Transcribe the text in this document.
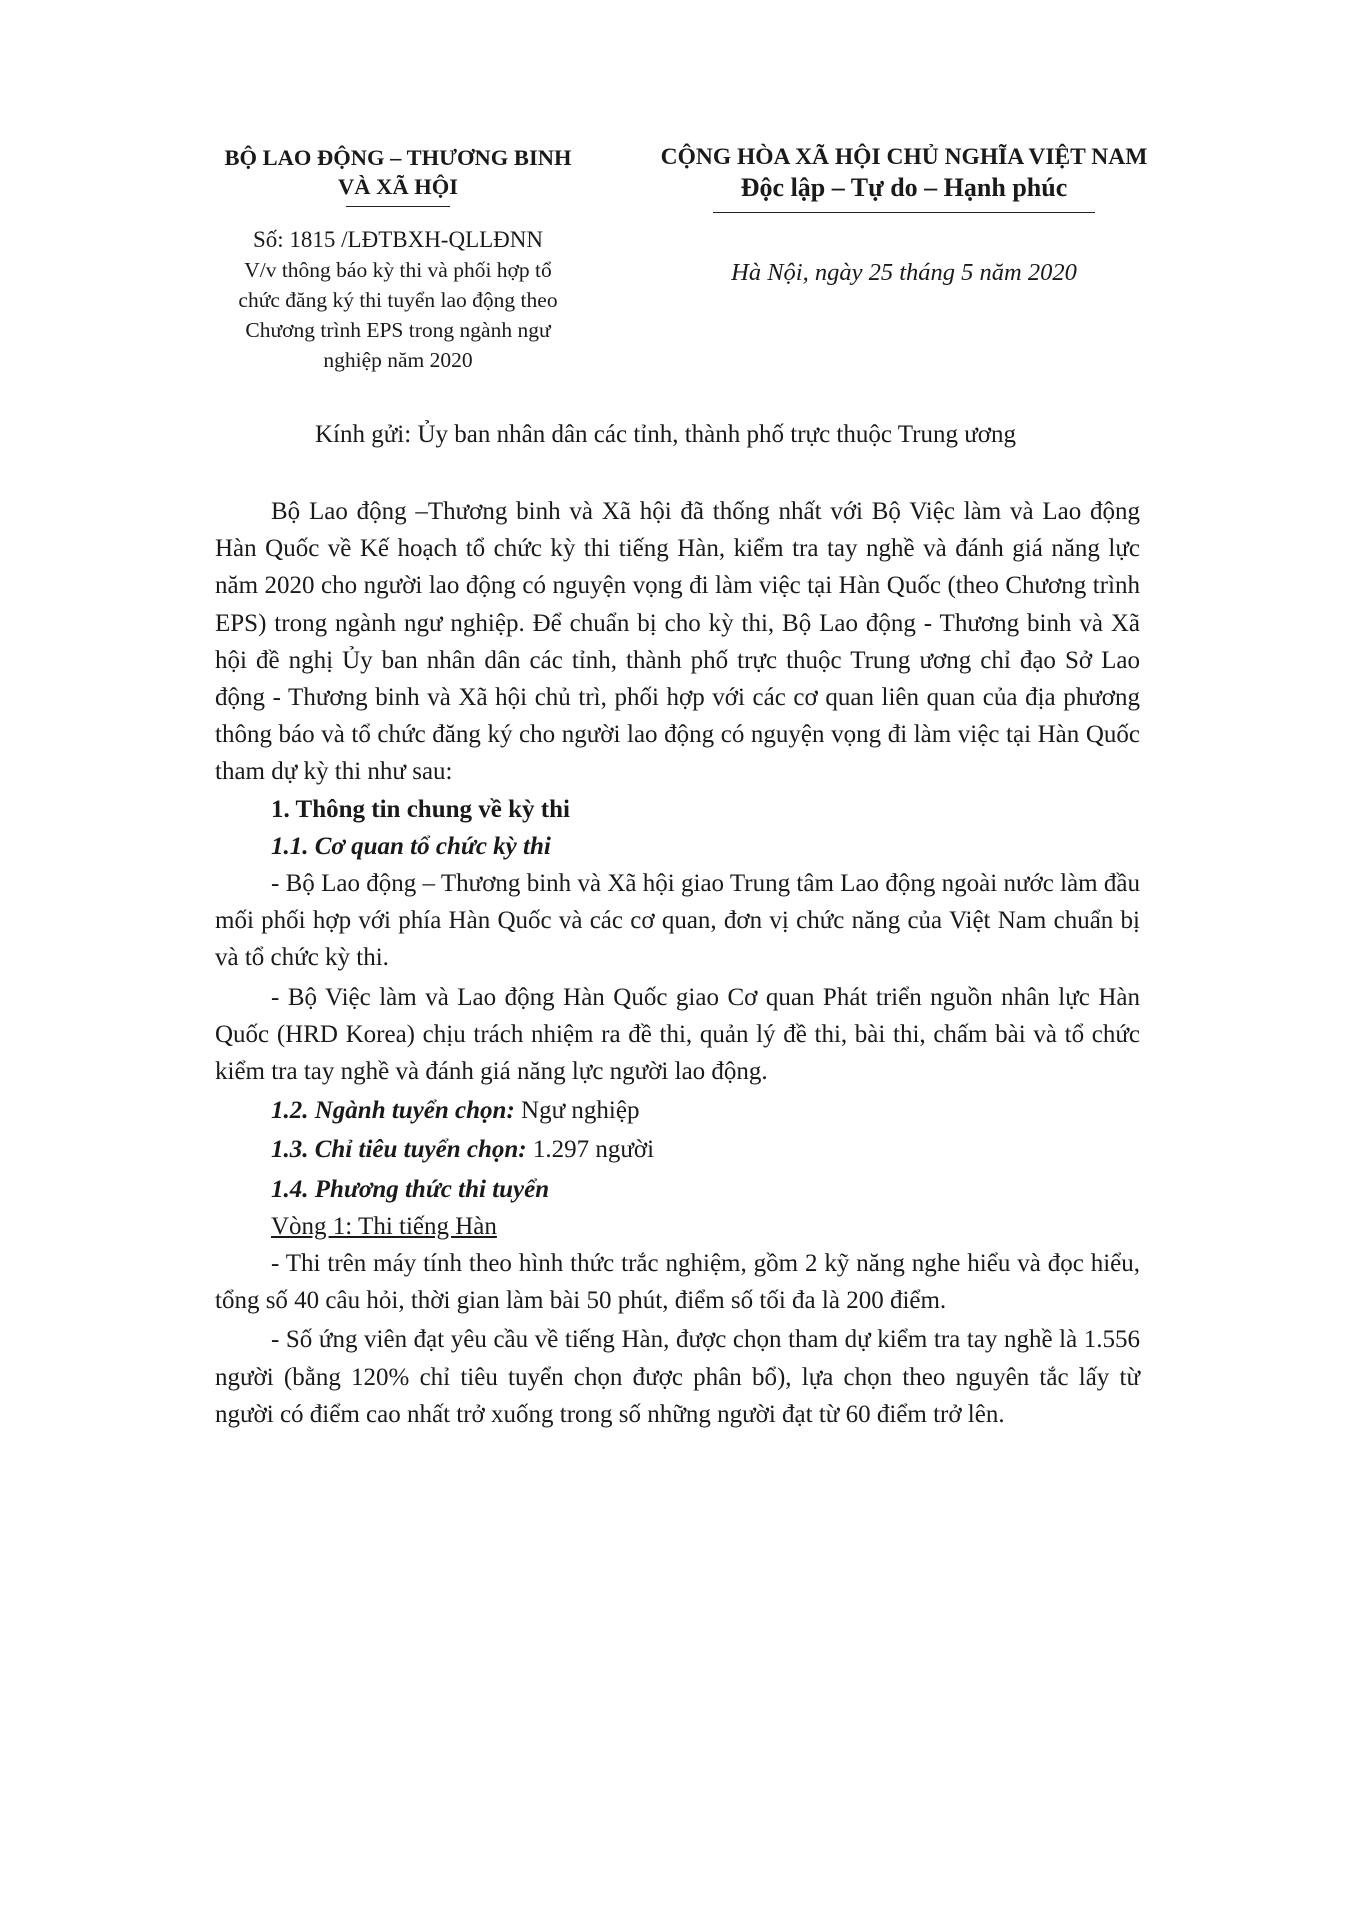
BỘ LAO ĐỘNG – THƯƠNG BINH
VÀ XÃ HỘI
Số: 1815 /LĐTBXH-QLLĐNN
V/v thông báo kỳ thi và phối hợp tổ
chức đăng ký thi tuyển lao động theo
Chương trình EPS trong ngành ngư
nghiệp năm 2020
CỘNG HÒA XÃ HỘI CHỦ NGHĨA VIỆT NAM
Độc lập – Tự do – Hạnh phúc
Hà Nội, ngày 25 tháng 5 năm 2020
Kính gửi: Ủy ban nhân dân các tỉnh, thành phố trực thuộc Trung ương

Bộ Lao động –Thương binh và Xã hội đã thống nhất với Bộ Việc làm và Lao động Hàn Quốc về Kế hoạch tổ chức kỳ thi tiếng Hàn, kiểm tra tay nghề và đánh giá năng lực năm 2020 cho người lao động có nguyện vọng đi làm việc tại Hàn Quốc (theo Chương trình EPS) trong ngành ngư nghiệp. Để chuẩn bị cho kỳ thi, Bộ Lao động - Thương binh và Xã hội đề nghị Ủy ban nhân dân các tỉnh, thành phố trực thuộc Trung ương chỉ đạo Sở Lao động - Thương binh và Xã hội chủ trì, phối hợp với các cơ quan liên quan của địa phương thông báo và tổ chức đăng ký cho người lao động có nguyện vọng đi làm việc tại Hàn Quốc tham dự kỳ thi như sau:

1. Thông tin chung về kỳ thi

1.1. Cơ quan tổ chức kỳ thi

- Bộ Lao động – Thương binh và Xã hội giao Trung tâm Lao động ngoài nước làm đầu mối phối hợp với phía Hàn Quốc và các cơ quan, đơn vị chức năng của Việt Nam chuẩn bị và tổ chức kỳ thi.

- Bộ Việc làm và Lao động Hàn Quốc giao Cơ quan Phát triển nguồn nhân lực Hàn Quốc (HRD Korea) chịu trách nhiệm ra đề thi, quản lý đề thi, bài thi, chấm bài và tổ chức kiểm tra tay nghề và đánh giá năng lực người lao động.

1.2. Ngành tuyển chọn: Ngư nghiệp

1.3. Chỉ tiêu tuyển chọn: 1.297 người

1.4. Phương thức thi tuyển

Vòng 1: Thi tiếng Hàn

- Thi trên máy tính theo hình thức trắc nghiệm, gồm 2 kỹ năng nghe hiểu và đọc hiểu, tổng số 40 câu hỏi, thời gian làm bài 50 phút, điểm số tối đa là 200 điểm.

- Số ứng viên đạt yêu cầu về tiếng Hàn, được chọn tham dự kiểm tra tay nghề là 1.556 người (bằng 120% chỉ tiêu tuyển chọn được phân bổ), lựa chọn theo nguyên tắc lấy từ người có điểm cao nhất trở xuống trong số những người đạt từ 60 điểm trở lên.
